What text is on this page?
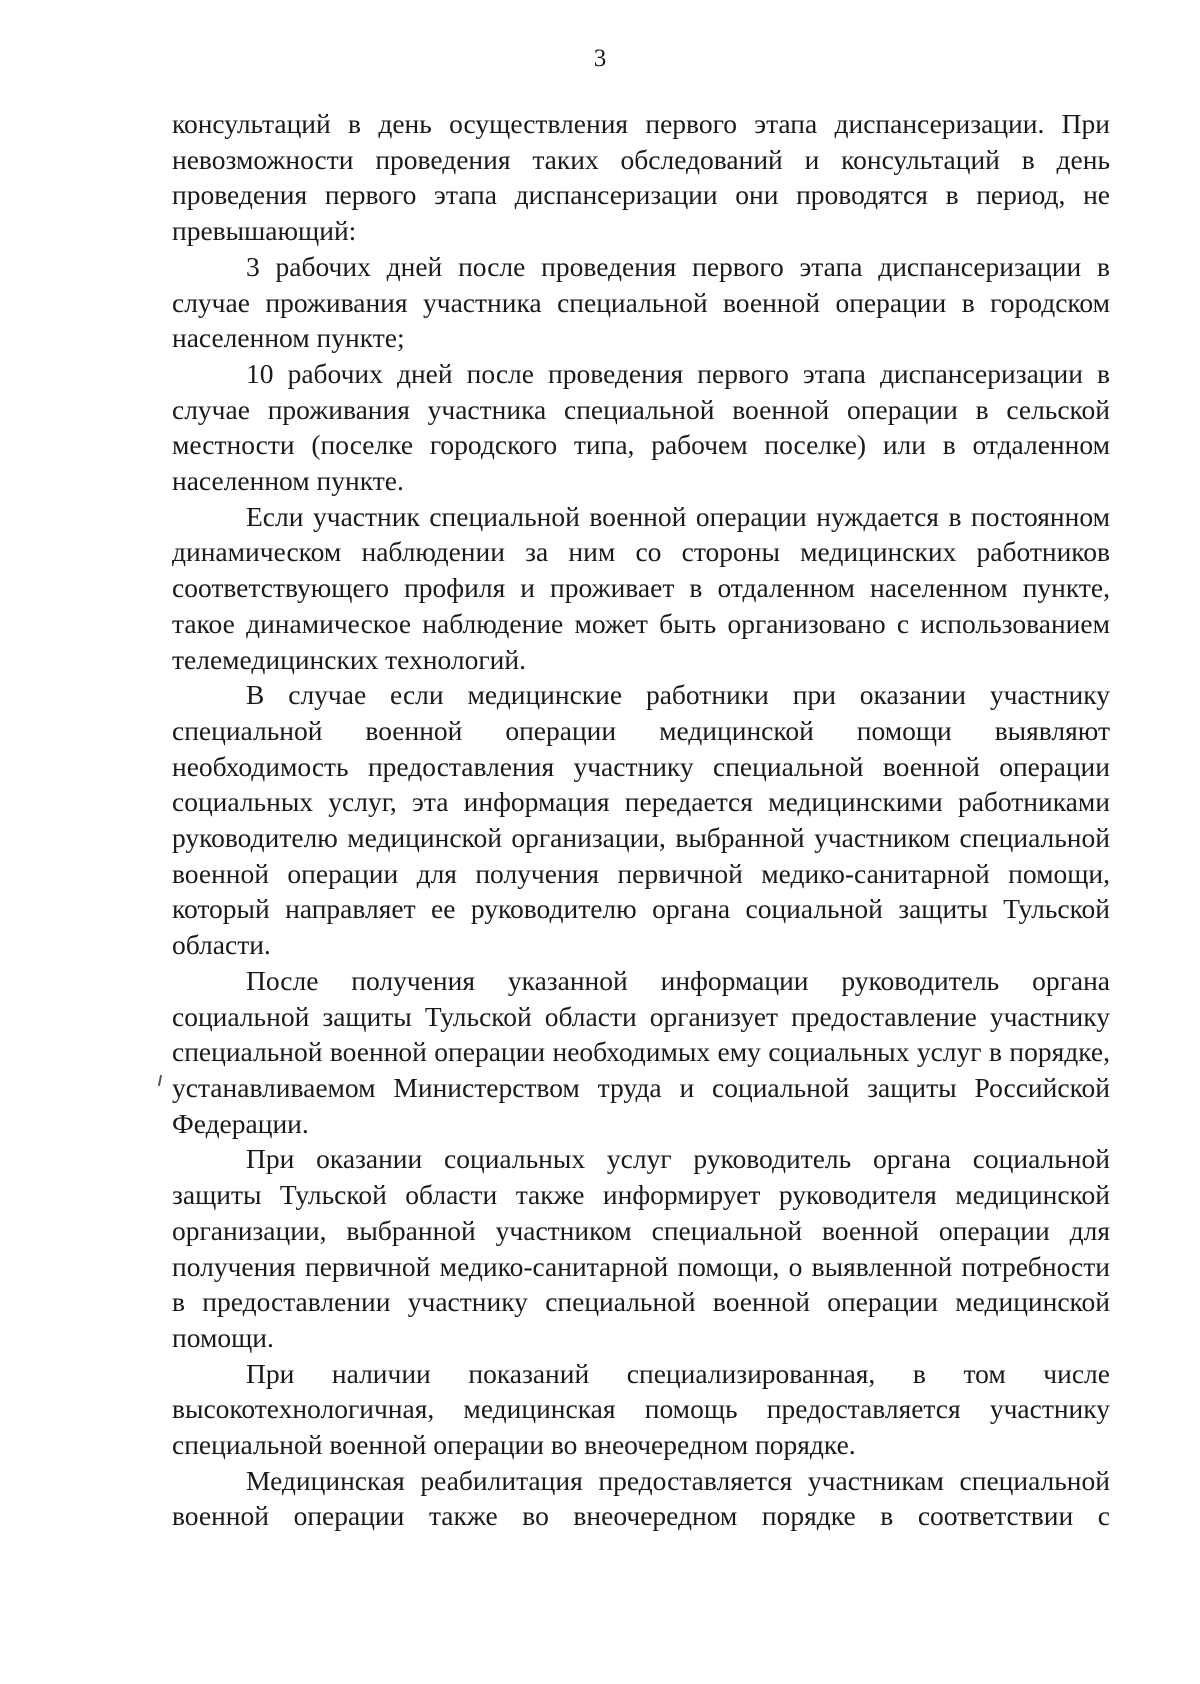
3

консультаций в день осуществления первого этапа диспансеризации. При невозможности проведения таких обследований и консультаций в день проведения первого этапа диспансеризации они проводятся в период, не превышающий:

3 рабочих дней после проведения первого этапа диспансеризации в случае проживания участника специальной военной операции в городском населенном пункте;

10 рабочих дней после проведения первого этапа диспансеризации в случае проживания участника специальной военной операции в сельской местности (поселке городского типа, рабочем поселке) или в отдаленном населенном пункте.

Если участник специальной военной операции нуждается в постоянном динамическом наблюдении за ним со стороны медицинских работников соответствующего профиля и проживает в отдаленном населенном пункте, такое динамическое наблюдение может быть организовано с использованием телемедицинских технологий.

В случае если медицинские работники при оказании участнику специальной военной операции медицинской помощи выявляют необходимость предоставления участнику специальной военной операции социальных услуг, эта информация передается медицинскими работниками руководителю медицинской организации, выбранной участником специальной военной операции для получения первичной медико-санитарной помощи, который направляет ее руководителю органа социальной защиты Тульской области.

После получения указанной информации руководитель органа социальной защиты Тульской области организует предоставление участнику специальной военной операции необходимых ему социальных услуг в порядке, устанавливаемом Министерством труда и социальной защиты Российской Федерации.

При оказании социальных услуг руководитель органа социальной защиты Тульской области также информирует руководителя медицинской организации, выбранной участником специальной военной операции для получения первичной медико-санитарной помощи, о выявленной потребности в предоставлении участнику специальной военной операции медицинской помощи.

При наличии показаний специализированная, в том числе высокотехнологичная, медицинская помощь предоставляется участнику специальной военной операции во внеочередном порядке.

Медицинская реабилитация предоставляется участникам специальной военной операции также во внеочередном порядке в соответствии с
